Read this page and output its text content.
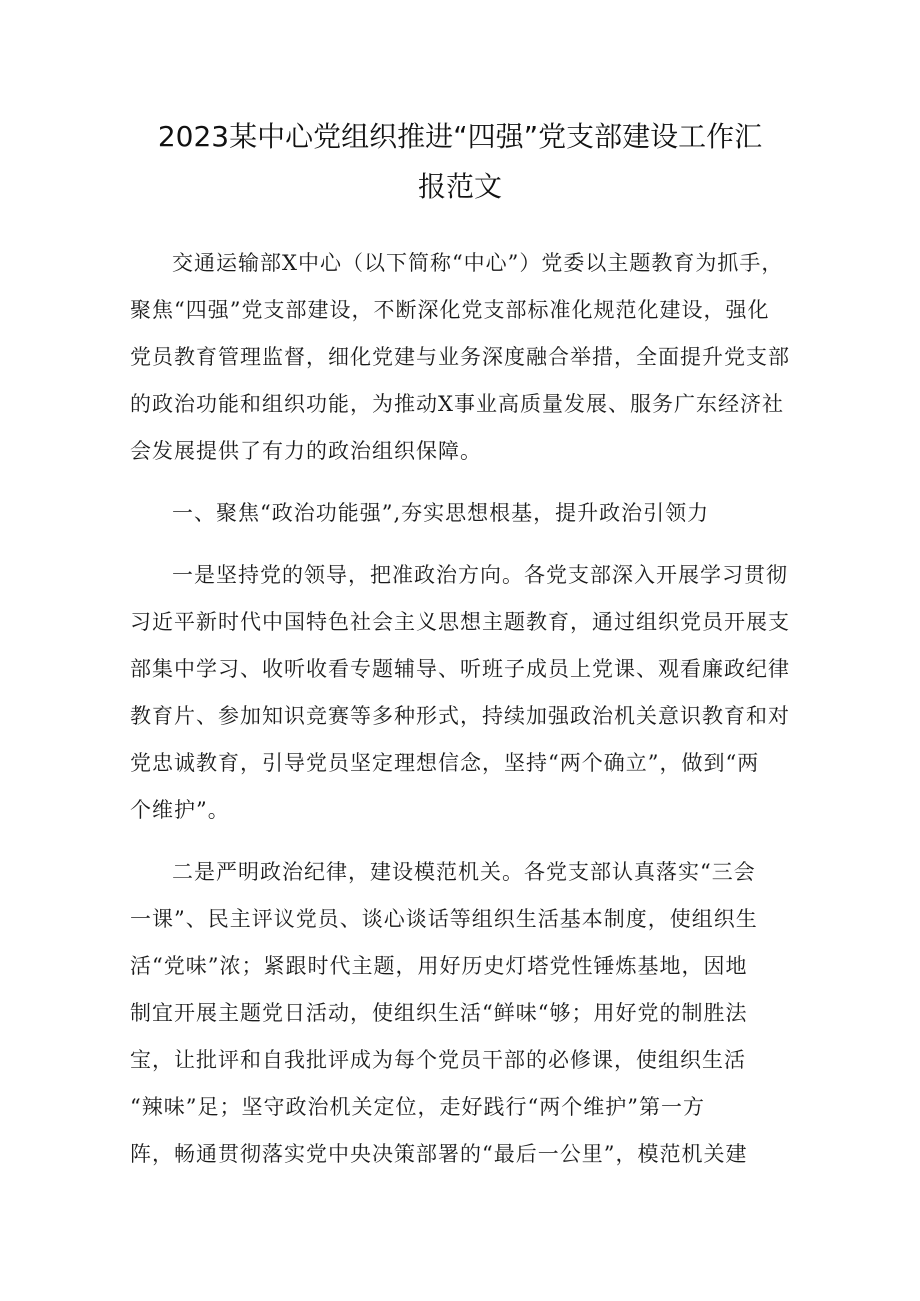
2023某中心党组织推进“四强”党支部建设工作汇
报范文
交通运输部X中心（以下简称“中心”）党委以主题教育为抓手，
聚焦“四强”党支部建设，不断深化党支部标准化规范化建设，强化
党员教育管理监督，细化党建与业务深度融合举措，全面提升党支部
的政治功能和组织功能，为推动X事业高质量发展、服务广东经济社
会发展提供了有力的政治组织保障。
一、聚焦“政治功能强”,夯实思想根基，提升政治引领力
一是坚持党的领导，把准政治方向。各党支部深入开展学习贯彻
习近平新时代中国特色社会主义思想主题教育，通过组织党员开展支
部集中学习、收听收看专题辅导、听班子成员上党课、观看廉政纪律
教育片、参加知识竞赛等多种形式，持续加强政治机关意识教育和对
党忠诚教育，引导党员坚定理想信念，坚持“两个确立”，做到“两
个维护”。
二是严明政治纪律，建设模范机关。各党支部认真落实“三会
一课”、民主评议党员、谈心谈话等组织生活基本制度，使组织生
活“党味”浓；紧跟时代主题，用好历史灯塔党性锤炼基地，因地
制宜开展主题党日活动，使组织生活“鲜味“够；用好党的制胜法
宝，让批评和自我批评成为每个党员干部的必修课，使组织生活
“辣味”足；坚守政治机关定位，走好践行“两个维护”第一方
阵，畅通贯彻落实党中央决策部署的“最后一公里”，模范机关建
